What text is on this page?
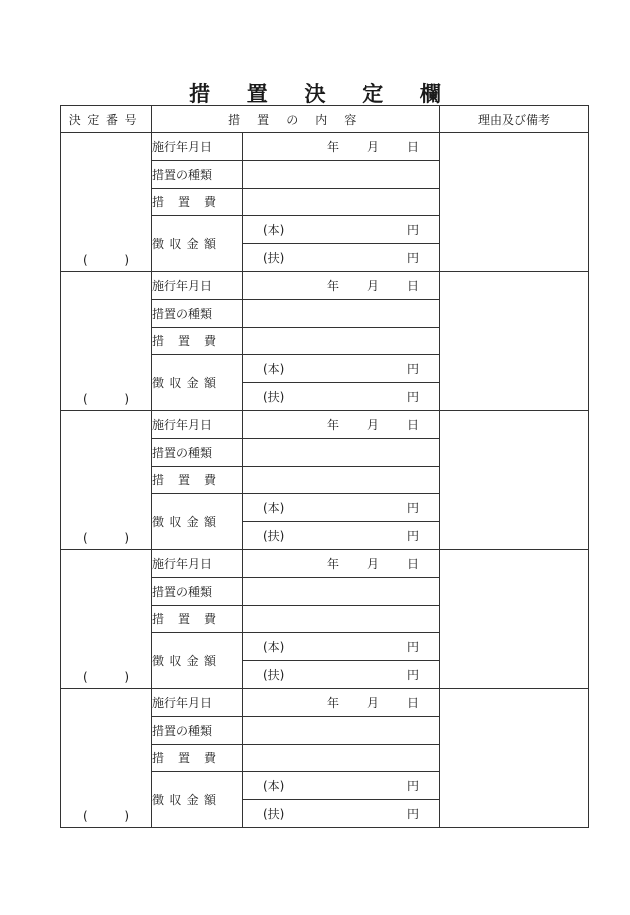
措 置 決 定 欄
決定番号	措 置 の 内 容		理由及び備考

( )	施行年月日	年 月 日	

	措置の種類		

	措 置 費		

	徴 収 金 額	(本) 円	

		(扶) 円	

( )	施行年月日	年 月 日	

	措置の種類		

	措 置 費		

	徴 収 金 額	(本) 円	

		(扶) 円	

( )	施行年月日	年 月 日	

	措置の種類		

	措 置 費		

	徴 収 金 額	(本) 円	

		(扶) 円	

( )	施行年月日	年 月 日	

	措置の種類		

	措 置 費		

	徴 収 金 額	(本) 円	

		(扶) 円	

( )	施行年月日	年 月 日	

	措置の種類		

	措 置 費		

	徴 収 金 額	(本) 円	

		(扶) 円	
